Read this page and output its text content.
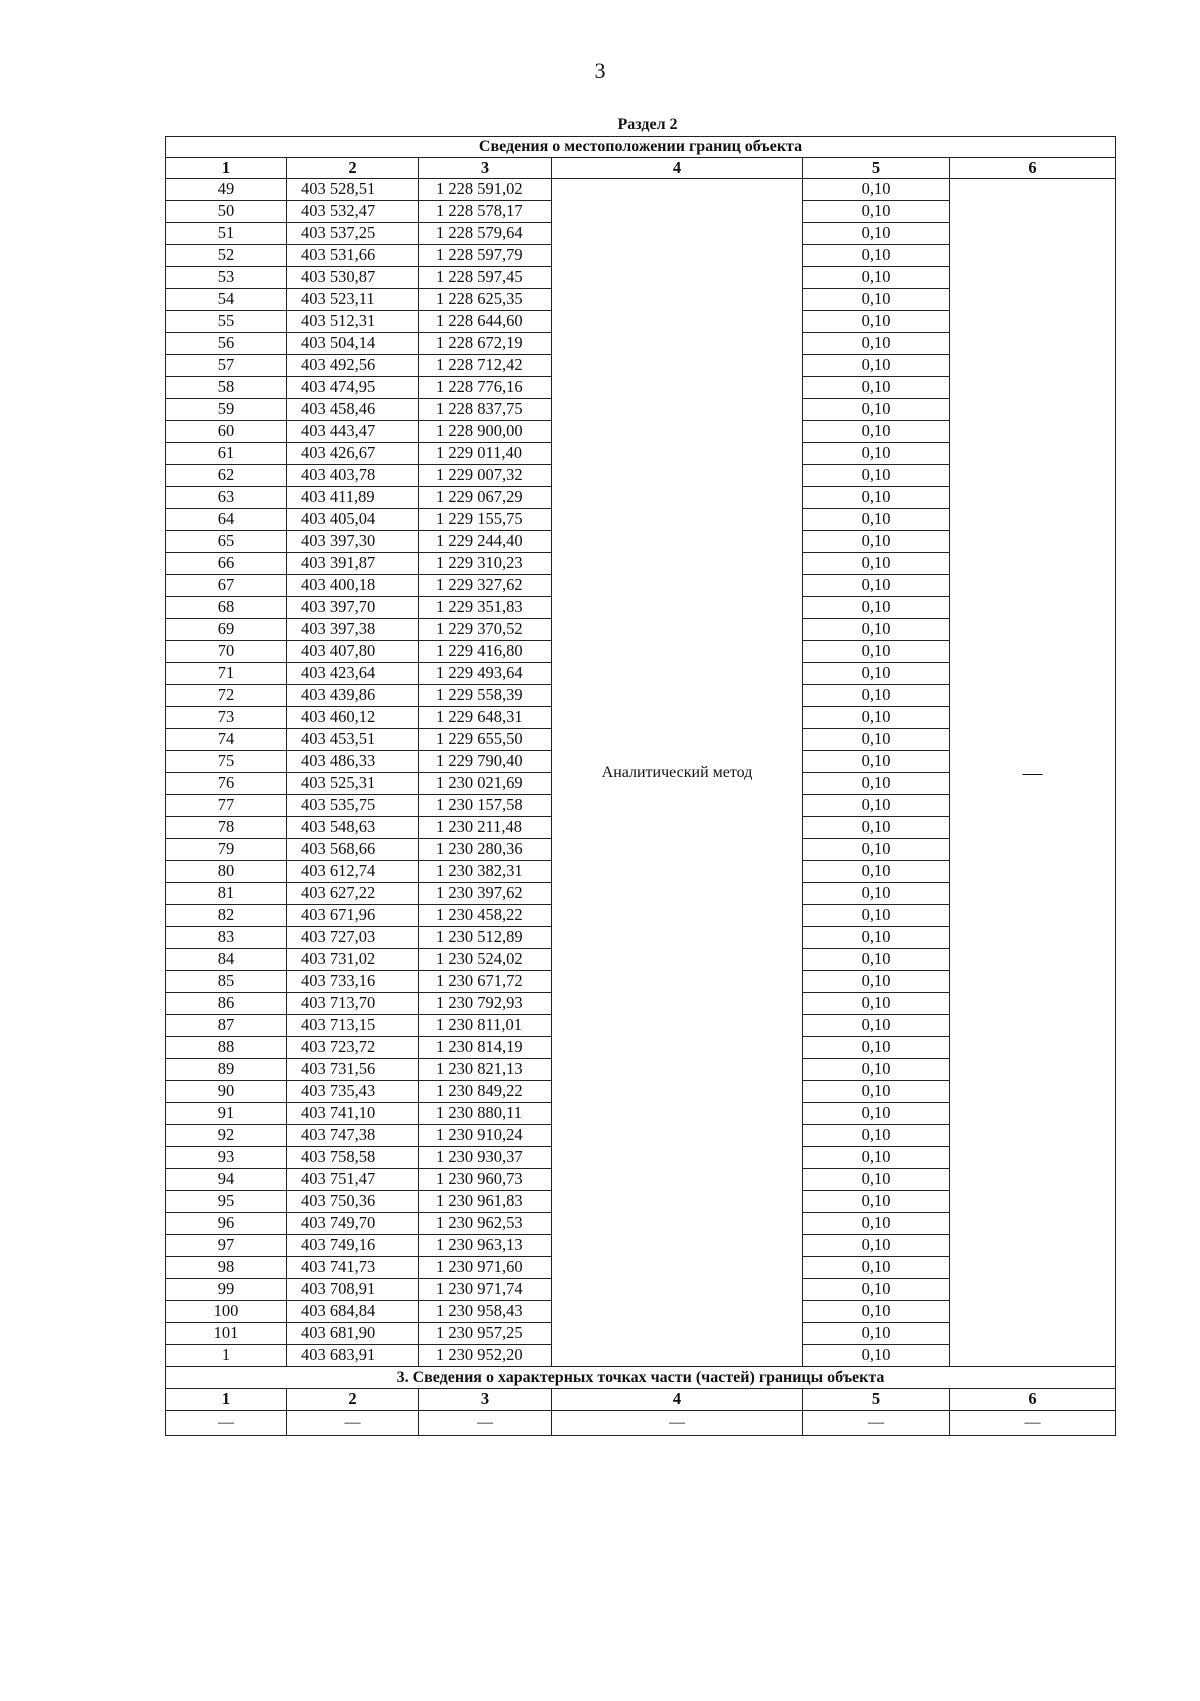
3
Раздел 2
Сведения о местоположении границ объекта					
1	2	3	4	5	6
49	403 528,51	1 228 591,02	Аналитический метод	0,10	—
50	403 532,47	1 228 578,17		0,10	
51	403 537,25	1 228 579,64		0,10	
52	403 531,66	1 228 597,79		0,10	
53	403 530,87	1 228 597,45		0,10	
54	403 523,11	1 228 625,35		0,10	
55	403 512,31	1 228 644,60		0,10	
56	403 504,14	1 228 672,19		0,10	
57	403 492,56	1 228 712,42		0,10	
58	403 474,95	1 228 776,16		0,10	
59	403 458,46	1 228 837,75		0,10	
60	403 443,47	1 228 900,00		0,10	
61	403 426,67	1 229 011,40		0,10	
62	403 403,78	1 229 007,32		0,10	
63	403 411,89	1 229 067,29		0,10	
64	403 405,04	1 229 155,75		0,10	
65	403 397,30	1 229 244,40		0,10	
66	403 391,87	1 229 310,23		0,10	
67	403 400,18	1 229 327,62		0,10	
68	403 397,70	1 229 351,83		0,10	
69	403 397,38	1 229 370,52		0,10	
70	403 407,80	1 229 416,80		0,10	
71	403 423,64	1 229 493,64		0,10	
72	403 439,86	1 229 558,39		0,10	
73	403 460,12	1 229 648,31		0,10	
74	403 453,51	1 229 655,50		0,10	
75	403 486,33	1 229 790,40		0,10	
76	403 525,31	1 230 021,69		0,10	
77	403 535,75	1 230 157,58		0,10	
78	403 548,63	1 230 211,48		0,10	
79	403 568,66	1 230 280,36		0,10	
80	403 612,74	1 230 382,31		0,10	
81	403 627,22	1 230 397,62		0,10	
82	403 671,96	1 230 458,22		0,10	
83	403 727,03	1 230 512,89		0,10	
84	403 731,02	1 230 524,02		0,10	
85	403 733,16	1 230 671,72		0,10	
86	403 713,70	1 230 792,93		0,10	
87	403 713,15	1 230 811,01		0,10	
88	403 723,72	1 230 814,19		0,10	
89	403 731,56	1 230 821,13		0,10	
90	403 735,43	1 230 849,22		0,10	
91	403 741,10	1 230 880,11		0,10	
92	403 747,38	1 230 910,24		0,10	
93	403 758,58	1 230 930,37		0,10	
94	403 751,47	1 230 960,73		0,10	
95	403 750,36	1 230 961,83		0,10	
96	403 749,70	1 230 962,53		0,10	
97	403 749,16	1 230 963,13		0,10	
98	403 741,73	1 230 971,60		0,10	
99	403 708,91	1 230 971,74		0,10	
100	403 684,84	1 230 958,43		0,10	
101	403 681,90	1 230 957,25		0,10	
1	403 683,91	1 230 952,20		0,10	
3. Сведения о характерных точках части (частей) границы объекта					
1	2	3	4	5	6
—	—	—	—	—	—
